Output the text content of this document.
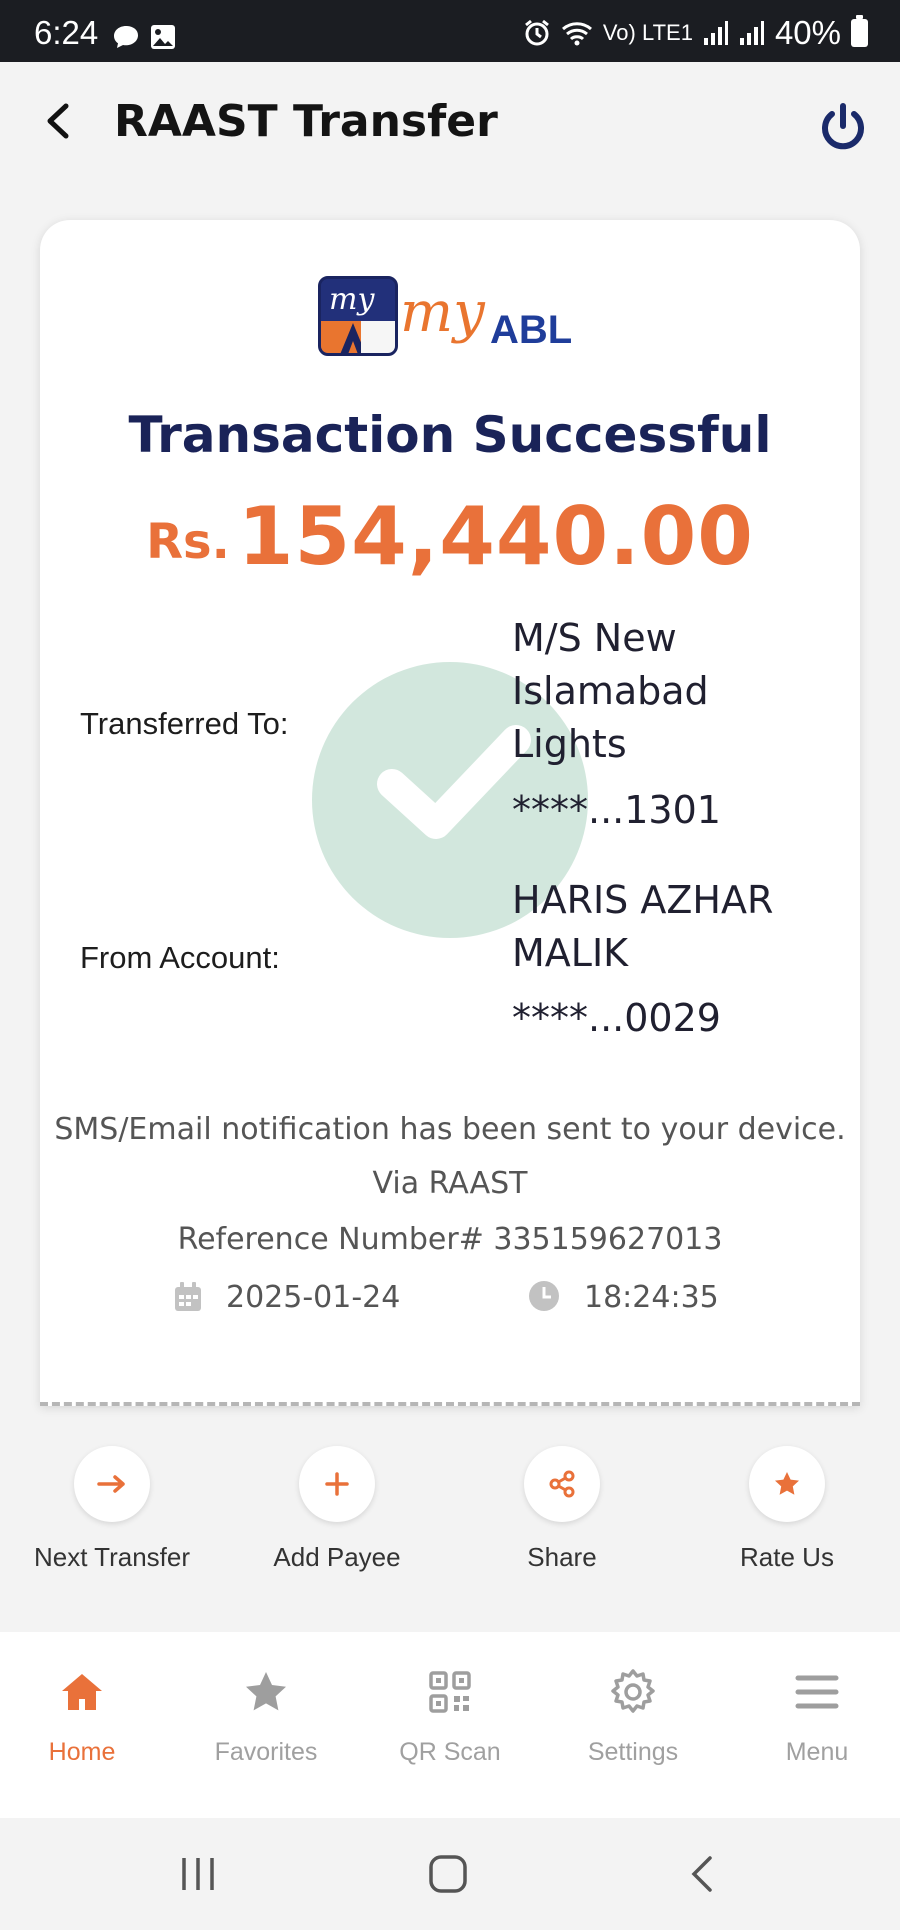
6:24	Vo) LTE1 40%
RAAST Transfer
my my ABL
Transaction Successful
Rs. 154,440.00
Transferred To:
M/S New Islamabad Lights
****...1301
From Account:
HARIS AZHAR MALIK
****...0029
SMS/Email notification has been sent to your device.
Via RAAST
Reference Number# 335159627013
2025-01-24	18:24:35
Next Transfer	Add Payee	Share	Rate Us
Home	Favorites	QR Scan	Settings	Menu
